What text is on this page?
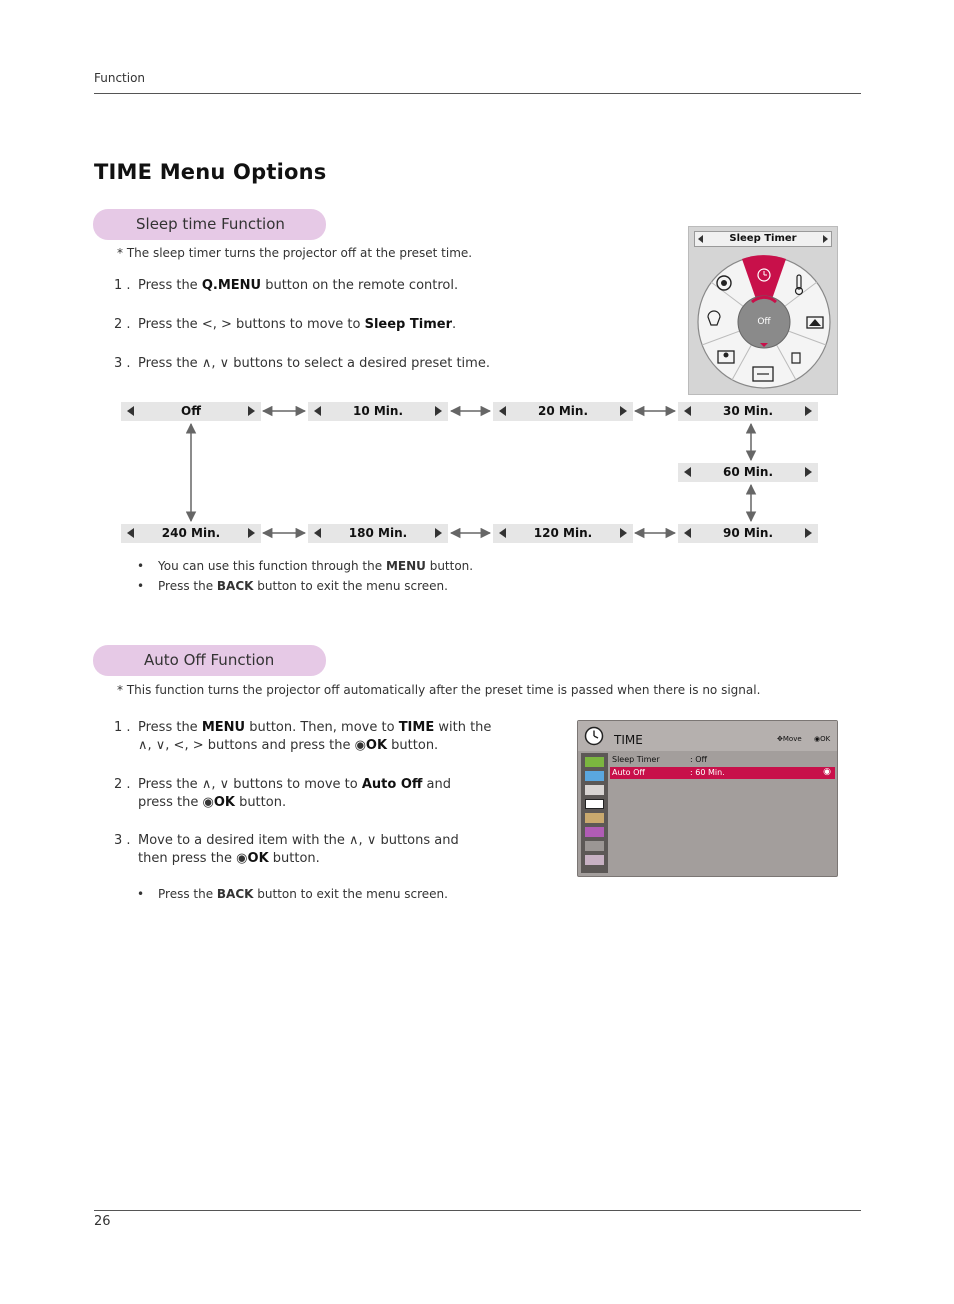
Function
TIME Menu Options
Sleep time Function
* The sleep timer turns the projector off at the preset time.
1 . Press the Q.MENU button on the remote control.
2 . Press the <, > buttons to move to Sleep Timer.
3 . Press the ∧, ∨ buttons to select a desired preset time.
Sleep Timer
Off
Off	10 Min.	20 Min.	30 Min.
60 Min.
90 Min.
120 Min.
180 Min.
240 Min.
• You can use this function through the MENU button.
• Press the BACK button to exit the menu screen.
Auto Off Function
* This function turns the projector off automatically after the preset time is passed when there is no signal.
1 . Press the MENU button. Then, move to TIME with the
∧, ∨, <, > buttons and press the ◉OK button.
2 . Press the ∧, ∨ buttons to move to Auto Off and
press the ◉OK button.
3 . Move to a desired item with the ∧, ∨ buttons and
then press the ◉OK button.
• Press the BACK button to exit the menu screen.
TIME	✥Move ◉OK
Sleep Timer	: Off
Auto Off	: 60 Min.	◉
26
